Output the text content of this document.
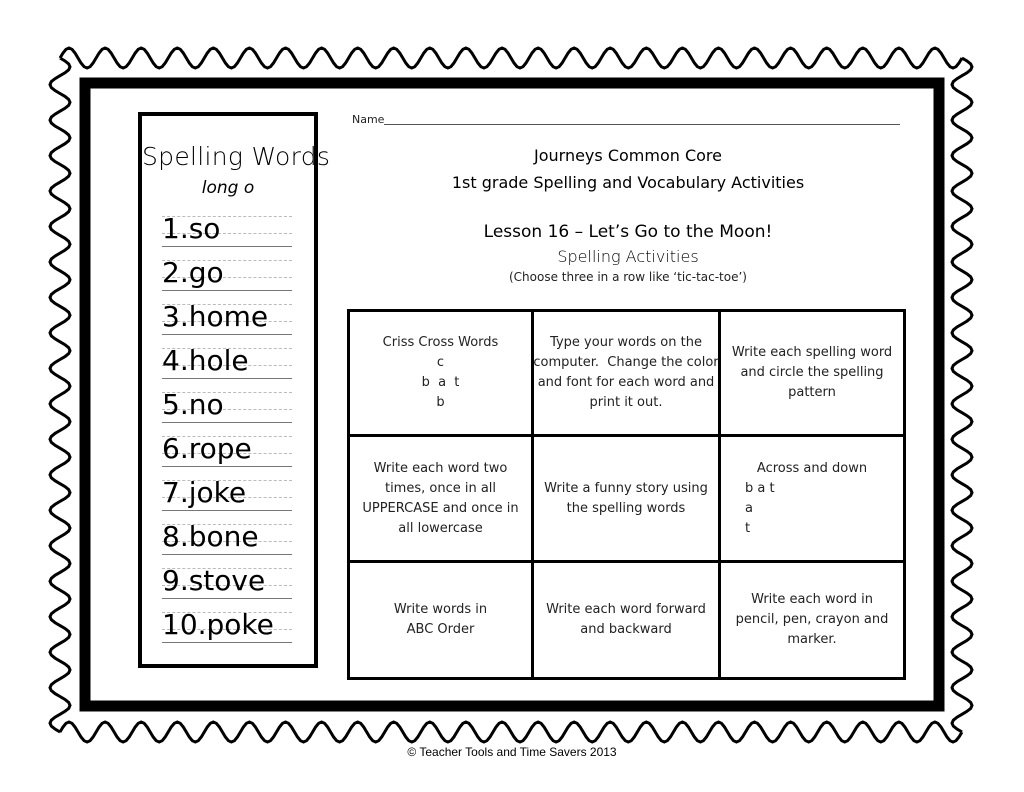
Spelling Words
long o
1.so
2.go
3.home
4.hole
5.no
6.rope
7.joke
8.bone
9.stove
10.poke
Name
Journeys Common Core
1st grade Spelling and Vocabulary Activities
Lesson 16 – Let’s Go to the Moon!
Spelling Activities
(Choose three in a row like ‘tic-tac-toe’)
Criss Cross Words
c
b  a  t
b
Type your words on the
computer.  Change the color
and font for each word and
print it out.
Write each spelling word
and circle the spelling
pattern
Write each word two
times, once in all
UPPERCASE and once in
all lowercase
Write a funny story using
the spelling words
Across and down
b a t
a
t
Write words in
ABC Order
Write each word forward
and backward
Write each word in
pencil, pen, crayon and
marker.
© Teacher Tools and Time Savers 2013
